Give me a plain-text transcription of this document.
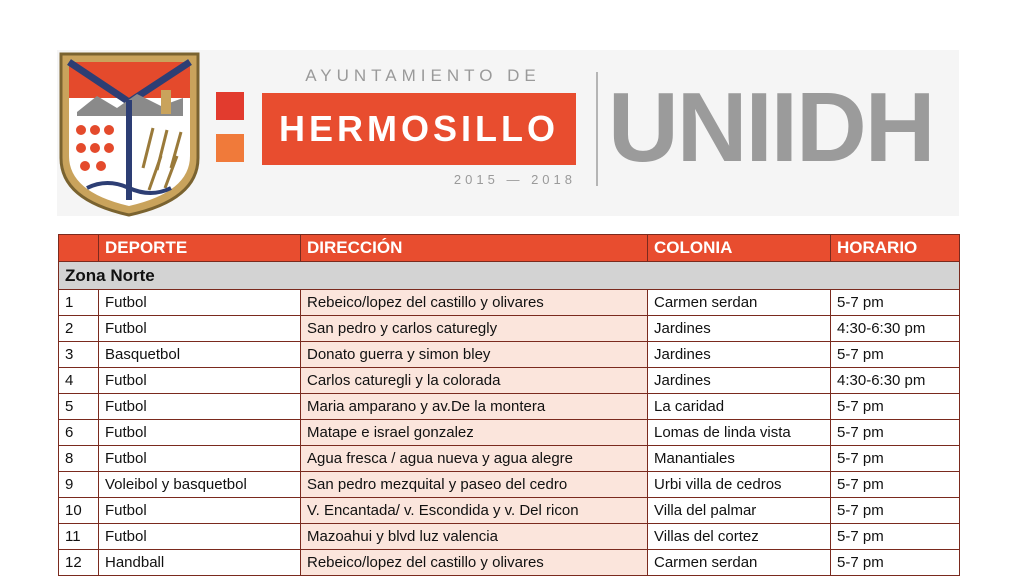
AYUNTAMIENTO DE
HERMOSILLO
2015 — 2018 UNIIDH
	DEPORTE	DIRECCIÓN	COLONIA	HORARIO
Zona Norte				
1	Futbol	Rebeico/lopez del castillo y olivares	Carmen serdan	5-7 pm
2	Futbol	San pedro y carlos caturegly	Jardines	4:30-6:30 pm
3	Basquetbol	Donato guerra y simon bley	Jardines	5-7 pm
4	Futbol	Carlos caturegli y la colorada	Jardines	4:30-6:30 pm
5	Futbol	Maria amparano y av.De la montera	La caridad	5-7 pm
6	Futbol	Matape e israel gonzalez	Lomas de linda vista	5-7 pm
8	Futbol	Agua fresca / agua nueva y agua alegre	Manantiales	5-7 pm
9	Voleibol y basquetbol	San pedro mezquital y paseo del cedro	Urbi villa de cedros	5-7 pm
10	Futbol	V. Encantada/ v. Escondida y v. Del ricon	Villa del palmar	5-7 pm
11	Futbol	Mazoahui y blvd luz valencia	Villas del cortez	5-7 pm
12	Handball	Rebeico/lopez del castillo y olivares	Carmen serdan	5-7 pm
